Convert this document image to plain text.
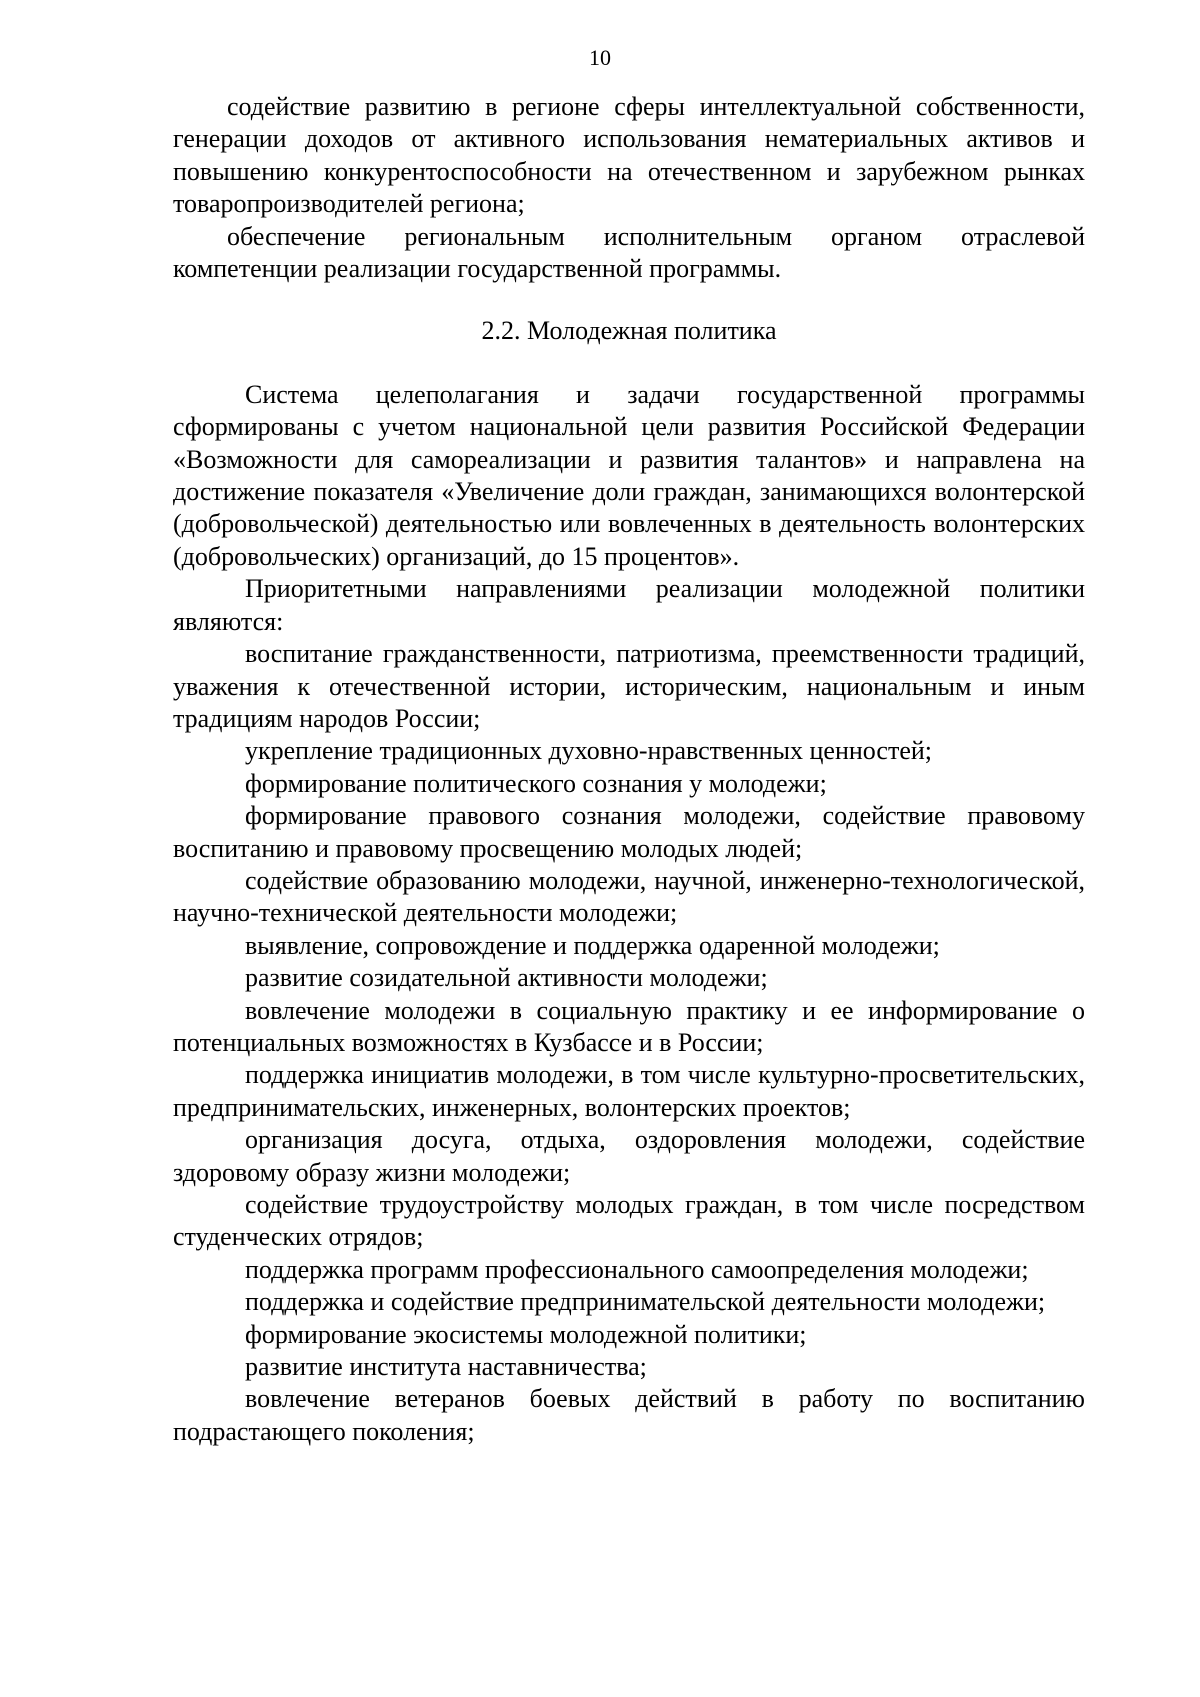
10

содействие развитию в регионе сферы интеллектуальной собственности, генерации доходов от активного использования нематериальных активов и повышению конкурентоспособности на отечественном и зарубежном рынках товаропроизводителей региона;

обеспечение региональным исполнительным органом отраслевой компетенции реализации государственной программы.

2.2. Молодежная политика

Система целеполагания и задачи государственной программы сформированы с учетом национальной цели развития Российской Федерации «Возможности для самореализации и развития талантов» и направлена на достижение показателя «Увеличение доли граждан, занимающихся волонтерской (добровольческой) деятельностью или вовлеченных в деятельность волонтерских (добровольческих) организаций, до 15 процентов».

Приоритетными направлениями реализации молодежной политики являются:

воспитание гражданственности, патриотизма, преемственности традиций, уважения к отечественной истории, историческим, национальным и иным традициям народов России;

укрепление традиционных духовно-нравственных ценностей;

формирование политического сознания у молодежи;

формирование правового сознания молодежи, содействие правовому воспитанию и правовому просвещению молодых людей;

содействие образованию молодежи, научной, инженерно-технологической, научно-технической деятельности молодежи;

выявление, сопровождение и поддержка одаренной молодежи;

развитие созидательной активности молодежи;

вовлечение молодежи в социальную практику и ее информирование о потенциальных возможностях в Кузбассе и в России;

поддержка инициатив молодежи, в том числе культурно-просветительских, предпринимательских, инженерных, волонтерских проектов;

организация досуга, отдыха, оздоровления молодежи, содействие здоровому образу жизни молодежи;

содействие трудоустройству молодых граждан, в том числе посредством студенческих отрядов;

поддержка программ профессионального самоопределения молодежи;

поддержка и содействие предпринимательской деятельности молодежи;

формирование экосистемы молодежной политики;

развитие института наставничества;

вовлечение ветеранов боевых действий в работу по воспитанию подрастающего поколения;
